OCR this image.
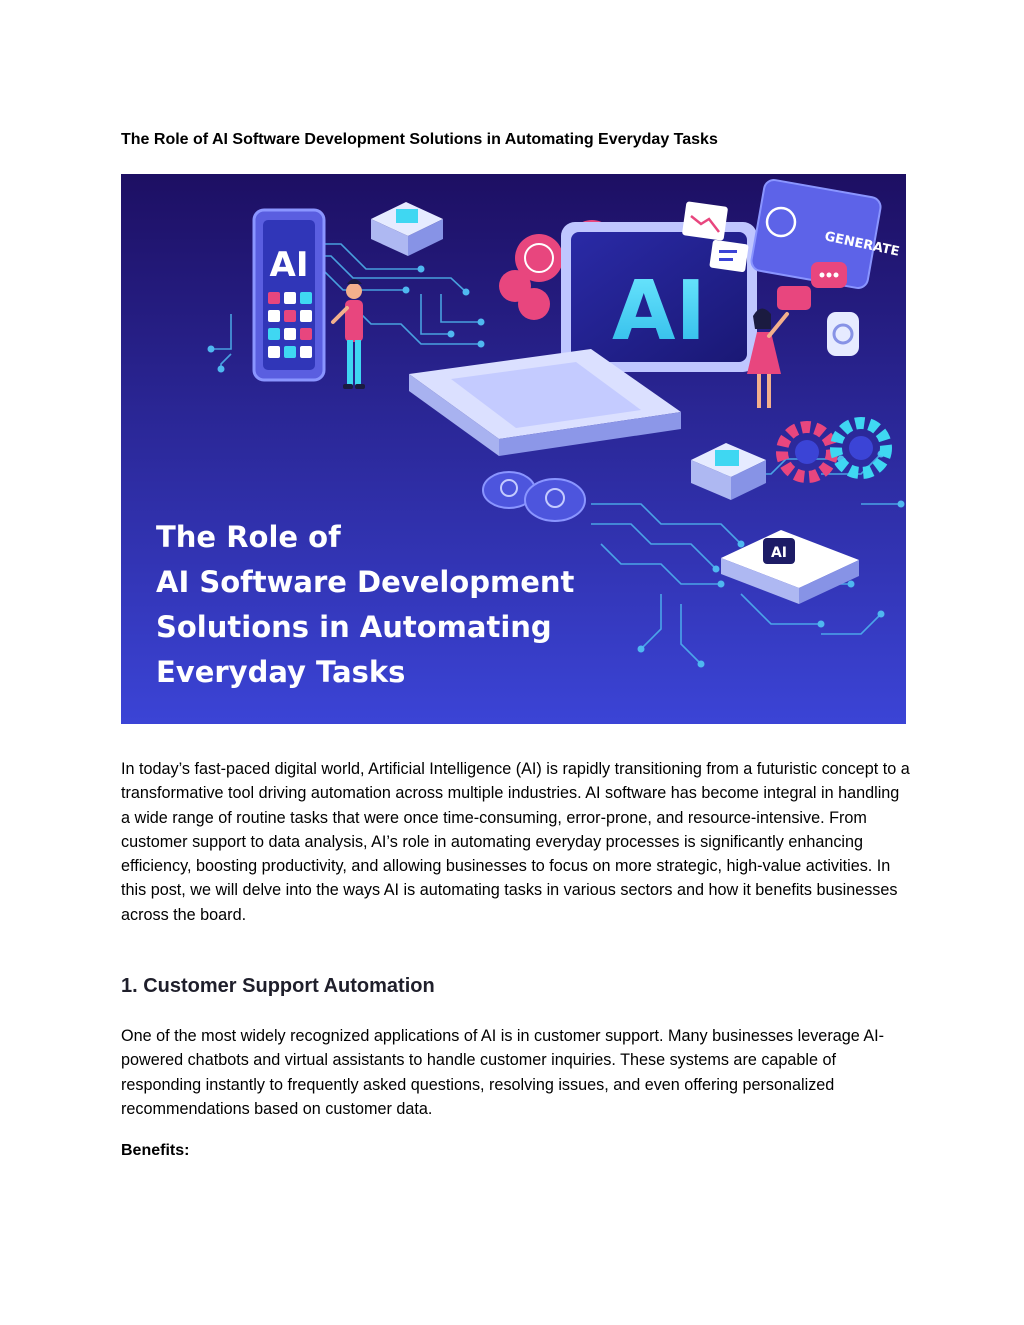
The Role of AI Software Development Solutions in Automating Everyday Tasks
AI	AI
GENERATE
AI
The Role of
AI Software Development
Solutions in Automating
Everyday Tasks

In today’s fast-paced digital world, Artificial Intelligence (AI) is rapidly transitioning from a futuristic concept to a transformative tool driving automation across multiple industries. AI software has become integral in handling a wide range of routine tasks that were once time-consuming, error-prone, and resource-intensive. From customer support to data analysis, AI’s role in automating everyday processes is significantly enhancing efficiency, boosting productivity, and allowing businesses to focus on more strategic, high-value activities. In this post, we will delve into the ways AI is automating tasks in various sectors and how it benefits businesses across the board.

1. Customer Support Automation

One of the most widely recognized applications of AI is in customer support. Many businesses leverage AI-powered chatbots and virtual assistants to handle customer inquiries. These systems are capable of responding instantly to frequently asked questions, resolving issues, and even offering personalized recommendations based on customer data.

Benefits:
